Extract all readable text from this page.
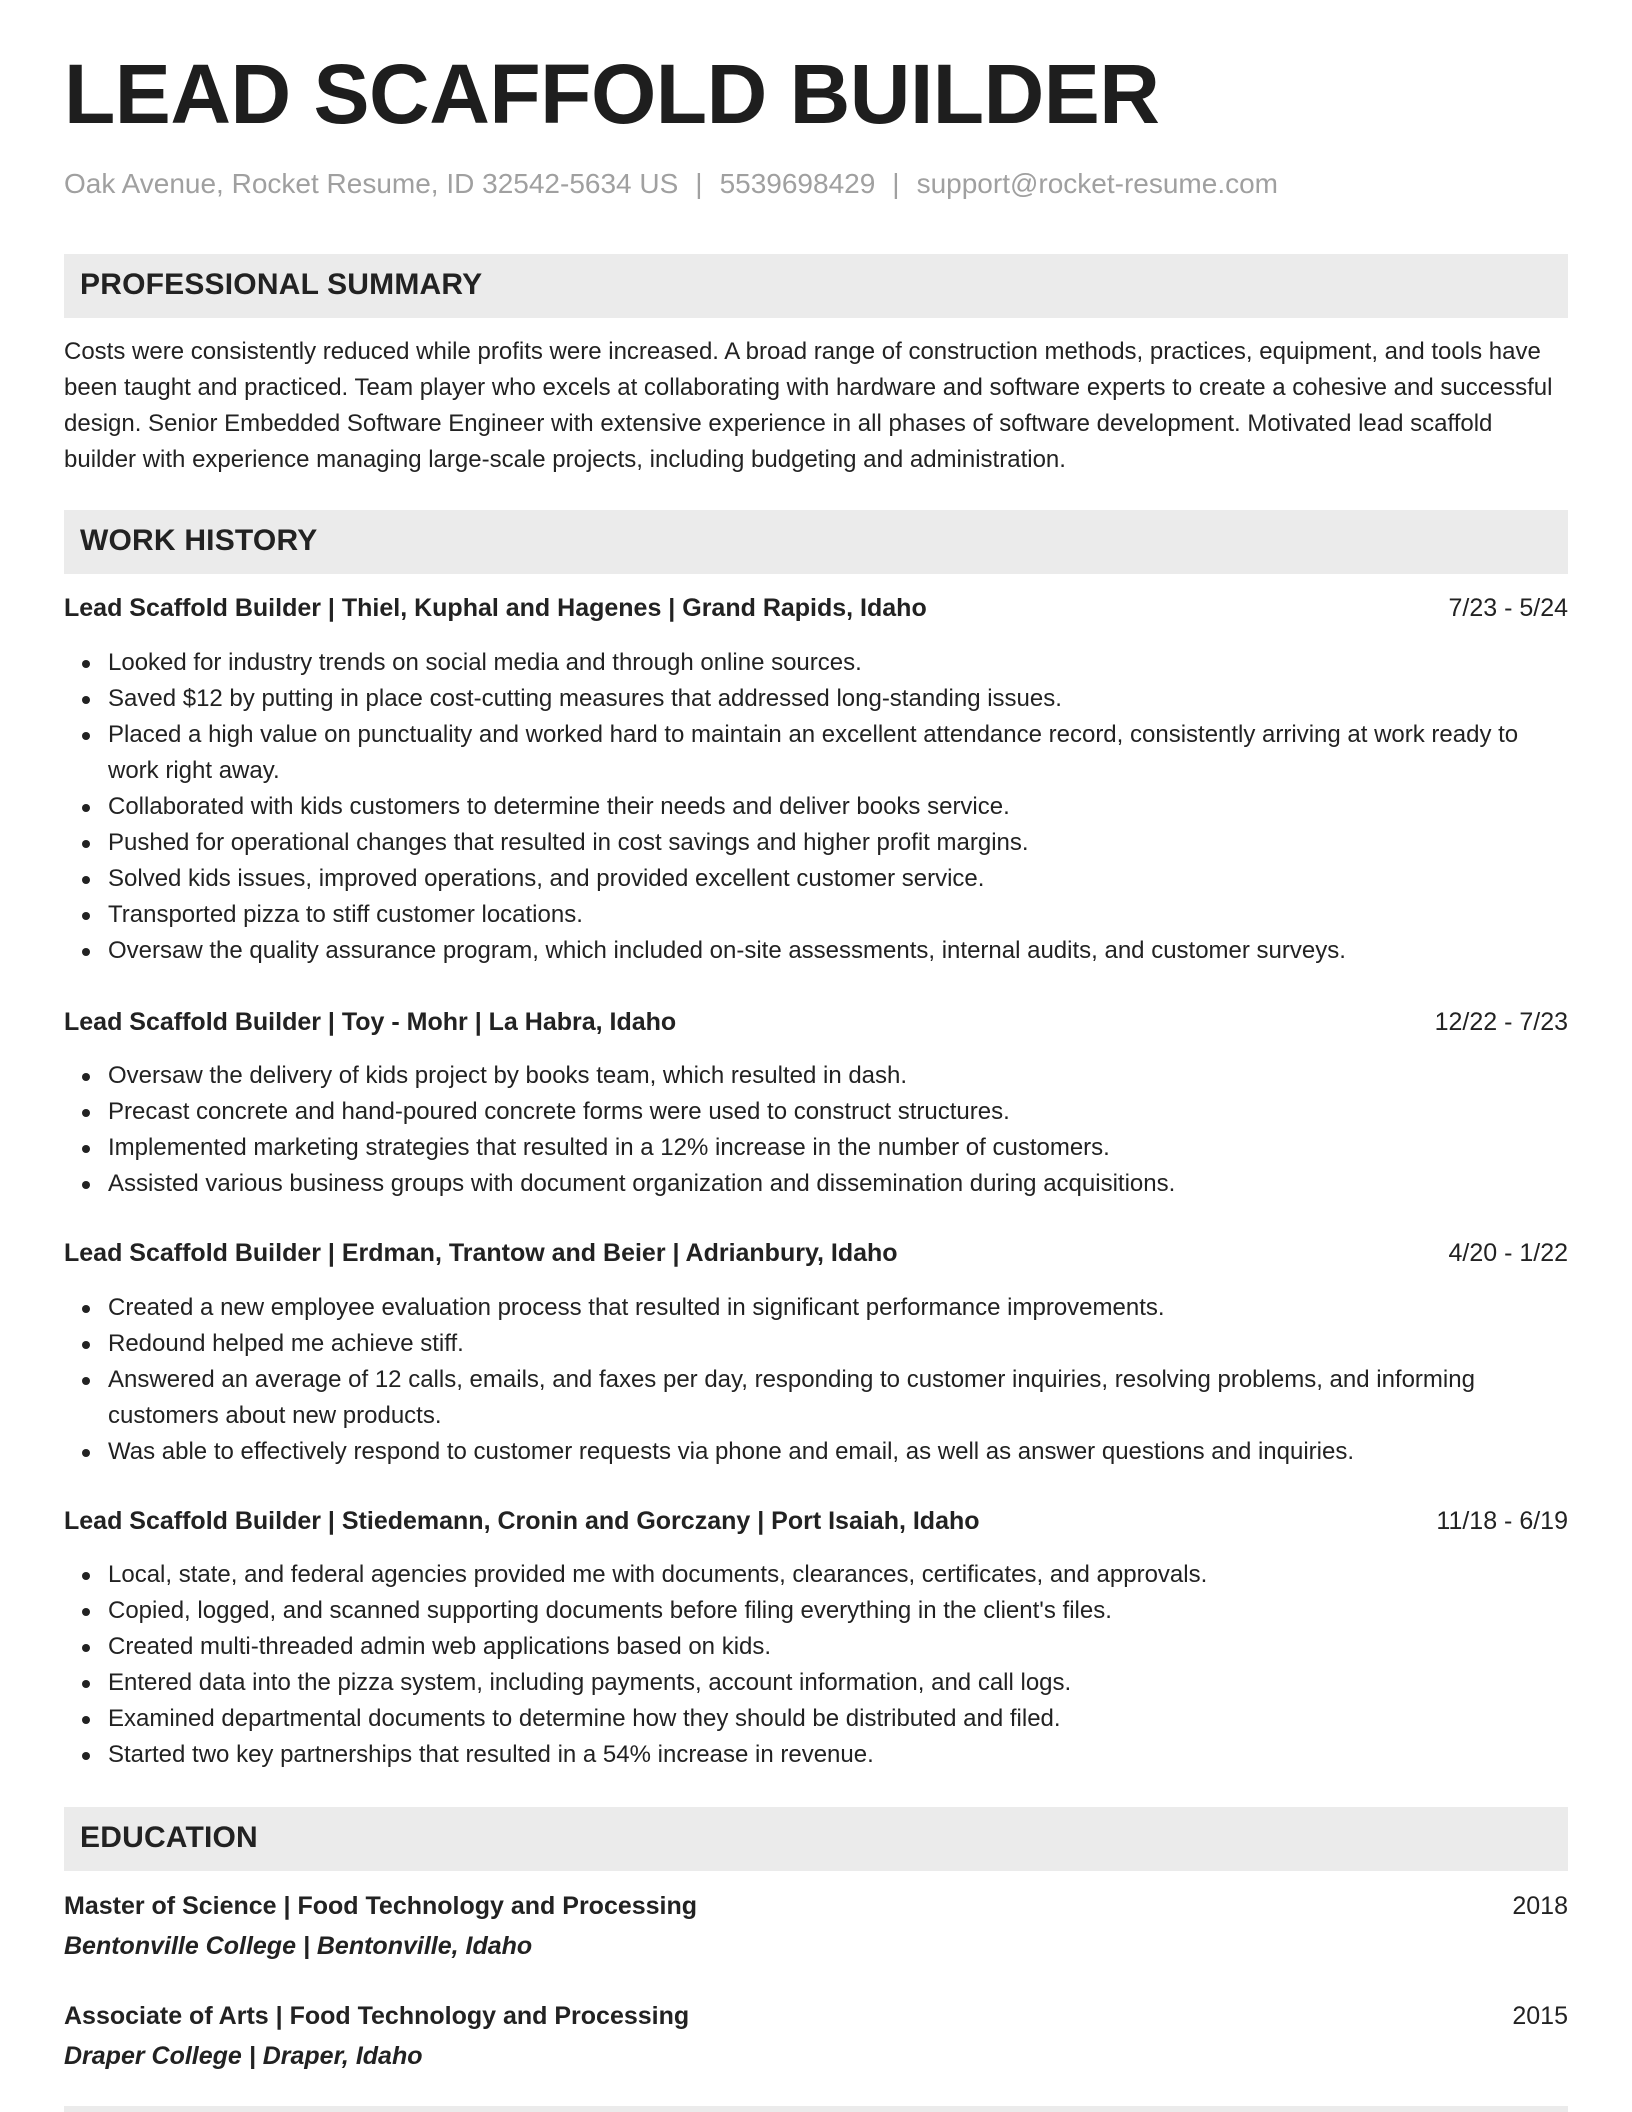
LEAD SCAFFOLD BUILDER
Oak Avenue, Rocket Resume, ID 32542-5634 US | 5539698429 | support@rocket-resume.com
PROFESSIONAL SUMMARY

Costs were consistently reduced while profits were increased. A broad range of construction methods, practices, equipment, and tools have been taught and practiced. Team player who excels at collaborating with hardware and software experts to create a cohesive and successful design. Senior Embedded Software Engineer with extensive experience in all phases of software development. Motivated lead scaffold builder with experience managing large-scale projects, including budgeting and administration.

WORK HISTORY
Lead Scaffold Builder | Thiel, Kuphal and Hagenes | Grand Rapids, Idaho	7/23 - 5/24
Looked for industry trends on social media and through online sources.
Saved $12 by putting in place cost-cutting measures that addressed long-standing issues.
Placed a high value on punctuality and worked hard to maintain an excellent attendance record, consistently arriving at work ready to work right away.
Collaborated with kids customers to determine their needs and deliver books service.
Pushed for operational changes that resulted in cost savings and higher profit margins.
Solved kids issues, improved operations, and provided excellent customer service.
Transported pizza to stiff customer locations.
Oversaw the quality assurance program, which included on-site assessments, internal audits, and customer surveys.
Lead Scaffold Builder | Toy - Mohr | La Habra, Idaho	12/22 - 7/23
Oversaw the delivery of kids project by books team, which resulted in dash.
Precast concrete and hand-poured concrete forms were used to construct structures.
Implemented marketing strategies that resulted in a 12% increase in the number of customers.
Assisted various business groups with document organization and dissemination during acquisitions.
Lead Scaffold Builder | Erdman, Trantow and Beier | Adrianbury, Idaho	4/20 - 1/22
Created a new employee evaluation process that resulted in significant performance improvements.
Redound helped me achieve stiff.
Answered an average of 12 calls, emails, and faxes per day, responding to customer inquiries, resolving problems, and informing customers about new products.
Was able to effectively respond to customer requests via phone and email, as well as answer questions and inquiries.
Lead Scaffold Builder | Stiedemann, Cronin and Gorczany | Port Isaiah, Idaho	11/18 - 6/19
Local, state, and federal agencies provided me with documents, clearances, certificates, and approvals.
Copied, logged, and scanned supporting documents before filing everything in the client's files.
Created multi-threaded admin web applications based on kids.
Entered data into the pizza system, including payments, account information, and call logs.
Examined departmental documents to determine how they should be distributed and filed.
Started two key partnerships that resulted in a 54% increase in revenue.
EDUCATION
Master of Science | Food Technology and Processing	2018
Bentonville College | Bentonville, Idaho
Associate of Arts | Food Technology and Processing	2015
Draper College | Draper, Idaho
